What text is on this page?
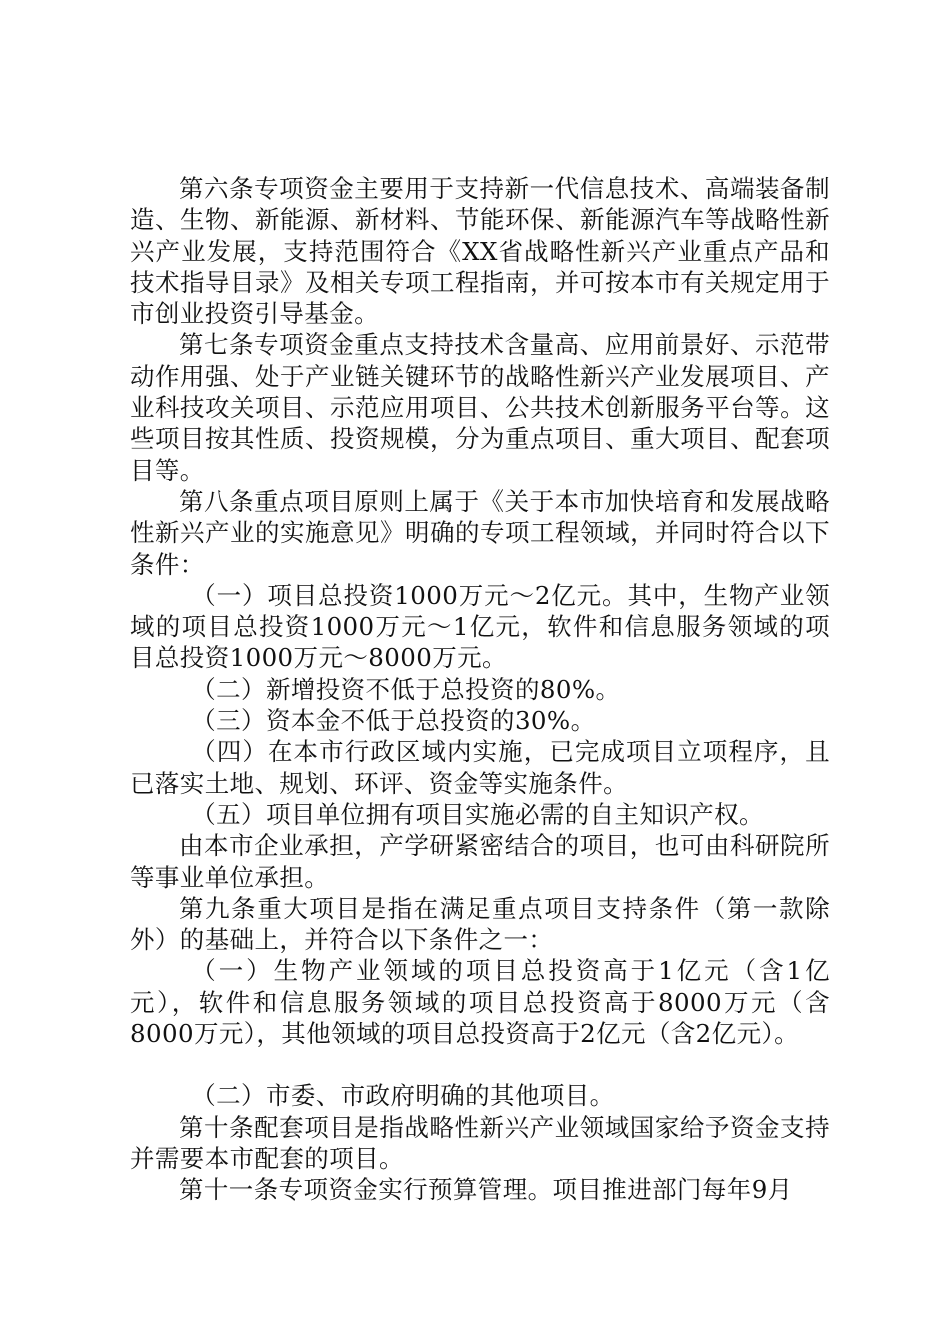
第六条专项资金主要用于支持新一代信息技术、高端装备制造、生物、新能源、新材料、节能环保、新能源汽车等战略性新兴产业发展，支持范围符合《XX省战略性新兴产业重点产品和技术指导目录》及相关专项工程指南，并可按本市有关规定用于市创业投资引导基金。

第七条专项资金重点支持技术含量高、应用前景好、示范带动作用强、处于产业链关键环节的战略性新兴产业发展项目、产业科技攻关项目、示范应用项目、公共技术创新服务平台等。这些项目按其性质、投资规模，分为重点项目、重大项目、配套项目等。

第八条重点项目原则上属于《关于本市加快培育和发展战略性新兴产业的实施意见》明确的专项工程领域，并同时符合以下条件：

（一）项目总投资1000万元～2亿元。其中，生物产业领域的项目总投资1000万元～1亿元，软件和信息服务领域的项目总投资1000万元～8000万元。

（二）新增投资不低于总投资的80%。

（三）资本金不低于总投资的30%。

（四）在本市行政区域内实施，已完成项目立项程序，且已落实土地、规划、环评、资金等实施条件。

（五）项目单位拥有项目实施必需的自主知识产权。

由本市企业承担，产学研紧密结合的项目，也可由科研院所等事业单位承担。

第九条重大项目是指在满足重点项目支持条件（第一款除外）的基础上，并符合以下条件之一：

（一）生物产业领域的项目总投资高于1亿元（含1亿元），软件和信息服务领域的项目总投资高于8000万元（含8000万元），其他领域的项目总投资高于2亿元（含2亿元）。

（二）市委、市政府明确的其他项目。

第十条配套项目是指战略性新兴产业领域国家给予资金支持并需要本市配套的项目。

第十一条专项资金实行预算管理。项目推进部门每年9月
